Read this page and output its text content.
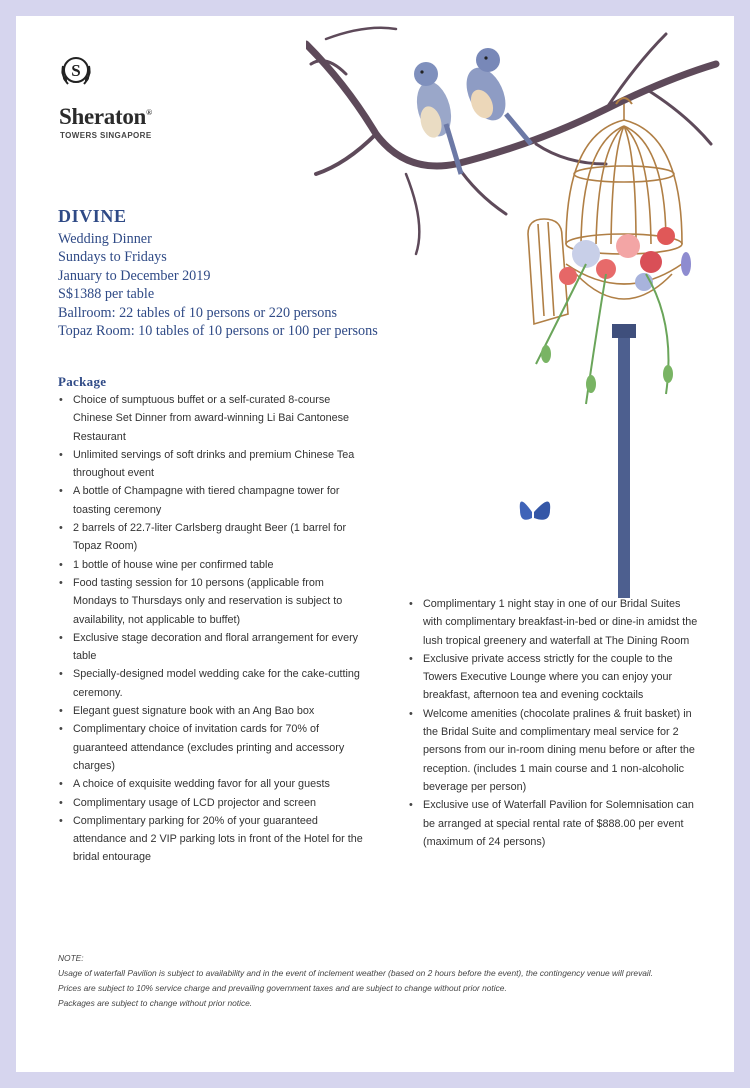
S
Sheraton®
TOWERS SINGAPORE
DIVINE
Wedding Dinner
Sundays to Fridays
January to December 2019
S$1388 per table
Ballroom: 22 tables of 10 persons or 220 persons
Topaz Room: 10 tables of 10 persons or 100 per persons
Package
• Choice of sumptuous buffet or a self-curated 8-course Chinese Set Dinner from award-winning Li Bai Cantonese Restaurant
• Unlimited servings of soft drinks and premium Chinese Tea throughout event
• A bottle of Champagne with tiered champagne tower for toasting ceremony
• 2 barrels of 22.7-liter Carlsberg draught Beer (1 barrel for Topaz Room)
• 1 bottle of house wine per confirmed table
• Food tasting session for 10 persons (applicable from Mondays to Thursdays only and reservation is subject to availability, not applicable to buffet)
• Exclusive stage decoration and floral arrangement for every table
• Specially-designed model wedding cake for the cake-cutting ceremony.
• Elegant guest signature book with an Ang Bao box
• Complimentary choice of invitation cards for 70% of guaranteed attendance (excludes printing and accessory charges)
• A choice of exquisite wedding favor for all your guests
• Complimentary usage of LCD projector and screen
• Complimentary parking for 20% of your guaranteed attendance and 2 VIP parking lots in front of the Hotel for the bridal entourage
• Complimentary 1 night stay in one of our Bridal Suites with complimentary breakfast-in-bed or dine-in amidst the lush tropical greenery and waterfall at The Dining Room
• Exclusive private access strictly for the couple to the Towers Executive Lounge where you can enjoy your breakfast, afternoon tea and evening cocktails
• Welcome amenities (chocolate pralines & fruit basket) in the Bridal Suite and complimentary meal service for 2 persons from our in-room dining menu before or after the reception. (includes 1 main course and 1 non-alcoholic beverage per person)
• Exclusive use of Waterfall Pavilion for Solemnisation can be arranged at special rental rate of $888.00 per event (maximum of 24 persons)

NOTE:

Usage of waterfall Pavilion is subject to availability and in the event of inclement weather (based on 2 hours before the event), the contingency venue will prevail.

Prices are subject to 10% service charge and prevailing government taxes and are subject to change without prior notice.

Packages are subject to change without prior notice.
